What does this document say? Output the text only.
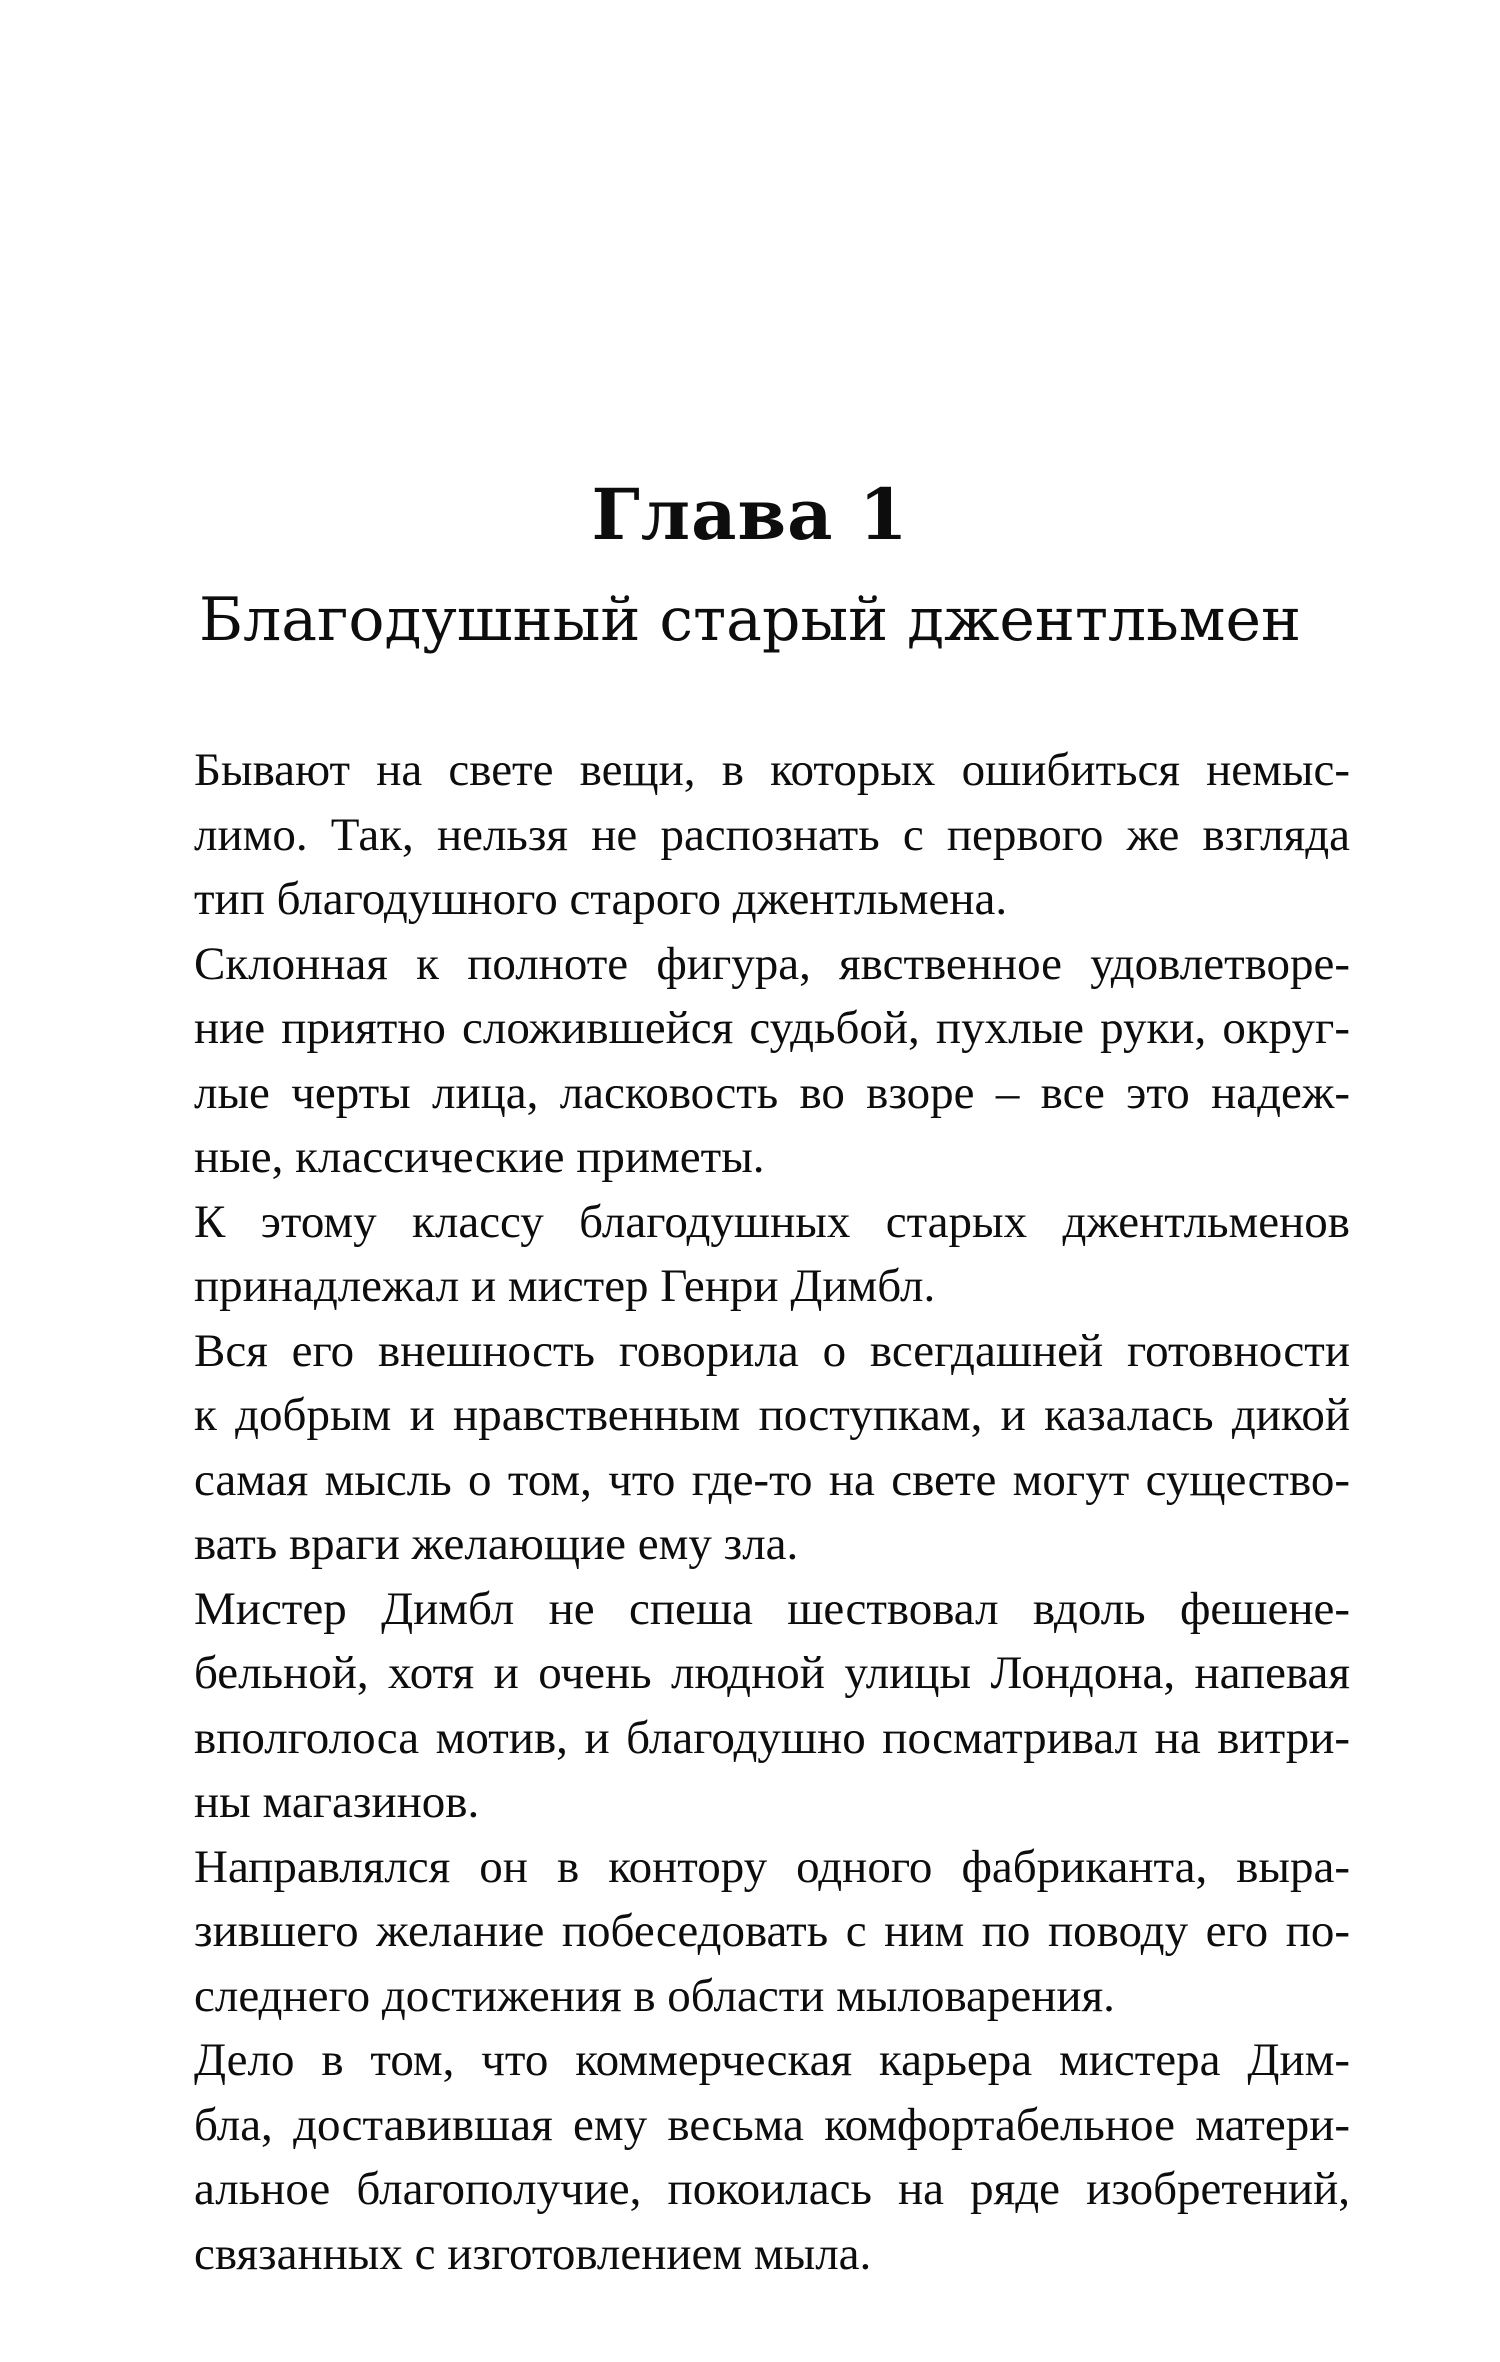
Глава 1
Благодушный старый джентльмен

Бывают на свете вещи, в которых ошибиться немыс-
лимо. Так, нельзя не распознать с первого же взгляда
тип благодушного старого джентльмена.

Склонная к полноте фигура, явственное удовлетворе-
ние приятно сложившейся судьбой, пухлые руки, округ-
лые черты лица, ласковость во взоре – все это надеж-
ные, классические приметы.

К этому классу благодушных старых джентльменов
принадлежал и мистер Генри Димбл.

Вся его внешность говорила о всегдашней готовности
к добрым и нравственным поступкам, и казалась дикой
самая мысль о том, что где-то на свете могут существо-
вать враги желающие ему зла.

Мистер Димбл не спеша шествовал вдоль фешене-
бельной, хотя и очень людной улицы Лондона, напевая
вполголоса мотив, и благодушно посматривал на витри-
ны магазинов.

Направлялся он в контору одного фабриканта, выра-
зившего желание побеседовать с ним по поводу его по-
следнего достижения в области мыловарения.

Дело в том, что коммерческая карьера мистера Дим-
бла, доставившая ему весьма комфортабельное матери-
альное благополучие, покоилась на ряде изобретений,
связанных с изготовлением мыла.
